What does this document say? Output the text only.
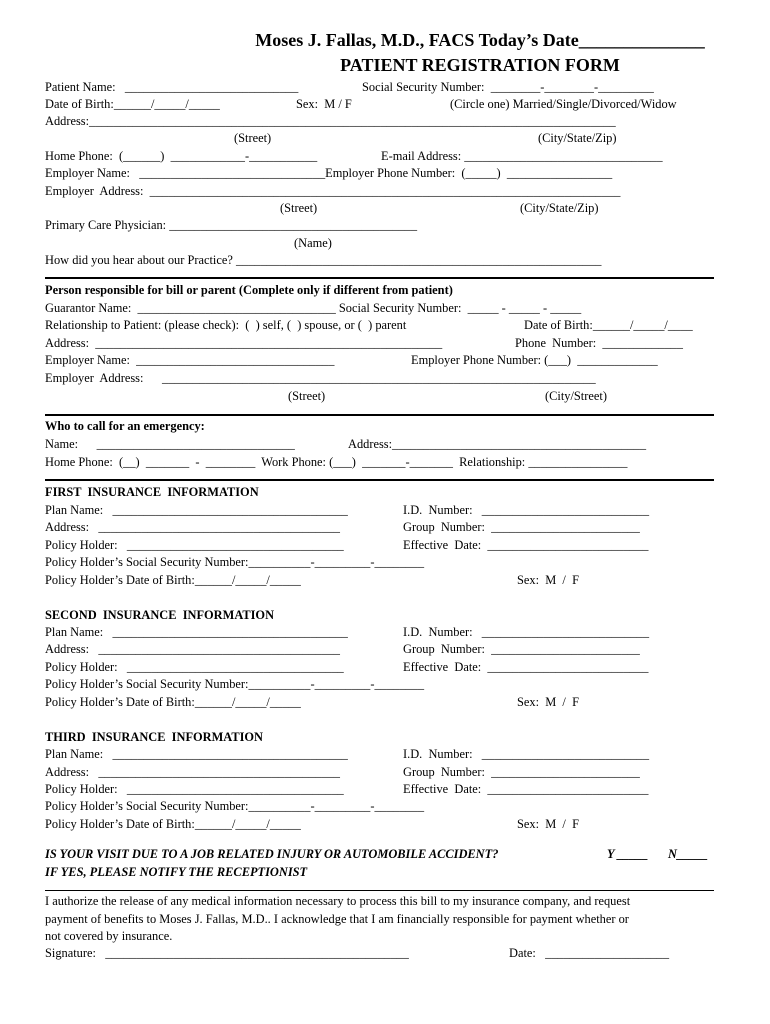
Moses J. Fallas, M.D., FACS Today’s Date______________
PATIENT REGISTRATION FORM
Patient Name:   ____________________________	Social Security Number:  ________-________-_________
Date of Birth:______/_____/_____	Sex:  M / F	(Circle one) Married/Single/Divorced/Widow
Address:_____________________________________________________________________________________
(Street)	(City/State/Zip)
Home Phone:  (______)  ____________-___________	E-mail Address: ________________________________
Employer Name:   ______________________________Employer Phone Number:  (_____)  _________________
Employer  Address:  ____________________________________________________________________________
(Street)	(City/State/Zip)
Primary Care Physician: ________________________________________
(Name)
How did you hear about our Practice? ___________________________________________________________
Person responsible for bill or parent (Complete only if different from patient)
Guarantor Name:  ________________________________ Social Security Number:  _____ - _____ - _____
Relationship to Patient: (please check):  (  ) self, (  ) spouse, or (  ) parent	Date of Birth:______/_____/____
Address:  ________________________________________________________	Phone  Number:  _____________
Employer Name:  ________________________________	Employer Phone Number: (___)  _____________
Employer  Address:      ______________________________________________________________________
(Street)	(City/Street)
Who to call for an emergency:
Name:      ________________________________	Address:_________________________________________
Home Phone:  (__)  _______  -  ________  Work Phone: (___)  _______-_______  Relationship: ________________
FIRST  INSURANCE  INFORMATION
Plan Name:   ______________________________________	I.D.  Number:   ___________________________
Address:   _______________________________________	Group  Number:  ________________________
Policy Holder:   ___________________________________	Effective  Date:  __________________________
Policy Holder’s Social Security Number:__________-_________-________
Policy Holder’s Date of Birth:______/_____/_____	Sex:  M  /  F
SECOND  INSURANCE  INFORMATION
Plan Name:   ______________________________________	I.D.  Number:   ___________________________
Address:   _______________________________________	Group  Number:  ________________________
Policy Holder:   ___________________________________	Effective  Date:  __________________________
Policy Holder’s Social Security Number:__________-_________-________
Policy Holder’s Date of Birth:______/_____/_____	Sex:  M  /  F
THIRD  INSURANCE  INFORMATION
Plan Name:   ______________________________________	I.D.  Number:   ___________________________
Address:   _______________________________________	Group  Number:  ________________________
Policy Holder:   ___________________________________	Effective  Date:  __________________________
Policy Holder’s Social Security Number:__________-_________-________
Policy Holder’s Date of Birth:______/_____/_____	Sex:  M  /  F
IS YOUR VISIT DUE TO A JOB RELATED INJURY OR AUTOMOBILE ACCIDENT?	Y _____ N_____
IF YES, PLEASE NOTIFY THE RECEPTIONIST
I authorize the release of any medical information necessary to process this bill to my insurance company, and request
payment of benefits to Moses J. Fallas, M.D.. I acknowledge that I am financially responsible for payment whether or
not covered by insurance.
Signature:   _________________________________________________	Date:   ____________________
